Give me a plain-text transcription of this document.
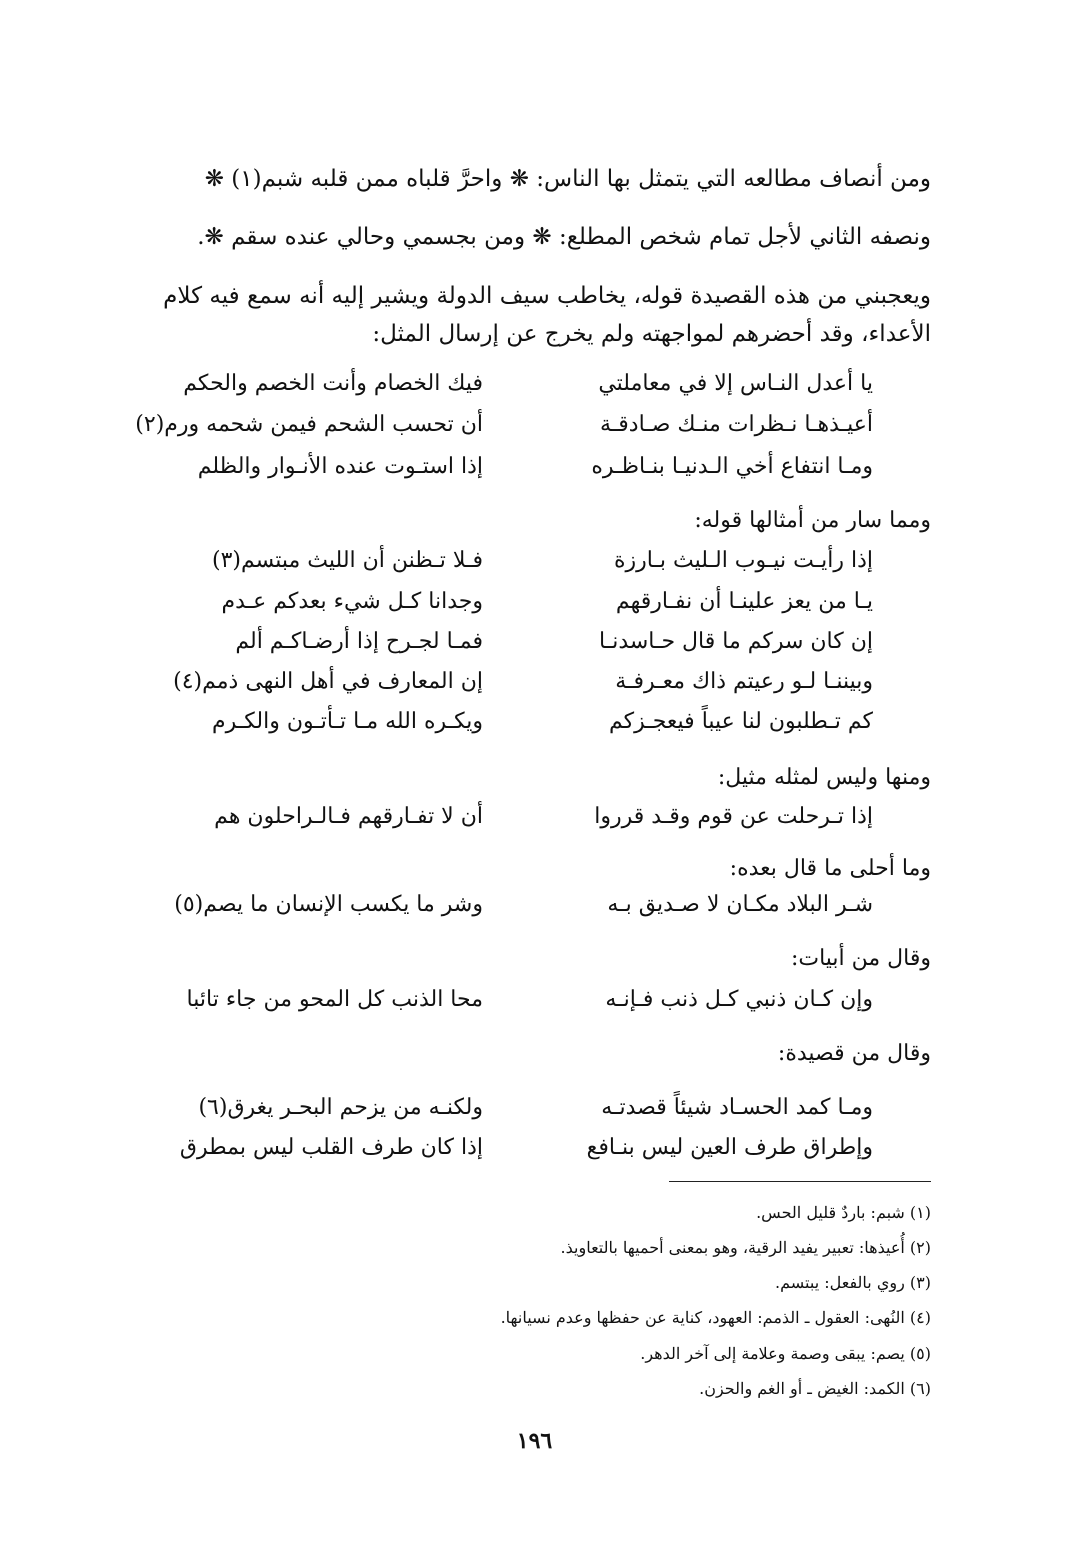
ومن أنصاف مطالعه التي يتمثل بها الناس: ❋ واحرَّ قلباه ممن قلبه شبم(١) ❋
ونصفه الثاني لأجل تمام شخص المطلع: ❋ ومن بجسمي وحالي عنده سقم ❋.
ويعجبني من هذه القصيدة قوله، يخاطب سيف الدولة ويشير إليه أنه سمع فيه كلام
الأعداء، وقد أحضرهم لمواجهته ولم يخرج عن إرسال المثل:
يا أعدل النـاس إلا في معاملتي
فيك الخصام وأنت الخصم والحكم
أعيـذهـا نـظرات منـك صـادقـة
أن تحسب الشحم فيمن شحمه ورم(٢)
ومـا انتفاع أخي الـدنيـا بنـاظـره
إذا استـوت عنده الأنـوار والظلم
ومما سار من أمثالها قوله:
إذا رأيـت نيـوب الـليث بـارزة
فـلا تـظنن أن الليث مبتسم(٣)
يـا من يعز علينـا أن نفـارقهم
وجدانا كـل شيء بعدكم عـدم
إن كان سركم ما قال حـاسدنـا
فمـا لجـرح إذا أرضـاكـم ألم
وبيننـا لـو رعيتم ذاك معـرفـة
إن المعارف في أهل النهى ذمم(٤)
كم تـطلبون لنا عيباً فيعجـزكم
ويكـره الله مـا تـأتـون والكـرم
ومنها وليس لمثله مثيل:
إذا تـرحلت عن قوم وقـد قرروا
أن لا تفـارقهم فـالـراحلون هم
وما أحلى ما قال بعده:
شـر البلاد مكـان لا صـديق بـه
وشر ما يكسب الإنسان ما يصم(٥)
وقال من أبيات:
وإن كـان ذنبي كـل ذنب فـإنـه
محا الذنب كل المحو من جاء تائبا
وقال من قصيدة:
ومـا كمد الحسـاد شيئاً قصدتـه
ولكنـه من يزحم البحـر يغرق(٦)
وإطراق طرف العين ليس بنـافع
إذا كان طرف القلب ليس بمطرق
(١) شبم: باردٌ قليل الحس.
(٢) أُعيذها: تعبير يفيد الرقية، وهو بمعنى أحميها بالتعاويذ.
(٣) روي بالفعل: يبتسم.
(٤) النُهى: العقول ـ الذمم: العهود، كناية عن حفظها وعدم نسيانها.
(٥) يصم: يبقى وصمة وعلامة إلى آخر الدهر.
(٦) الكمد: الغيض ـ أو الغم والحزن.
١٩٦
